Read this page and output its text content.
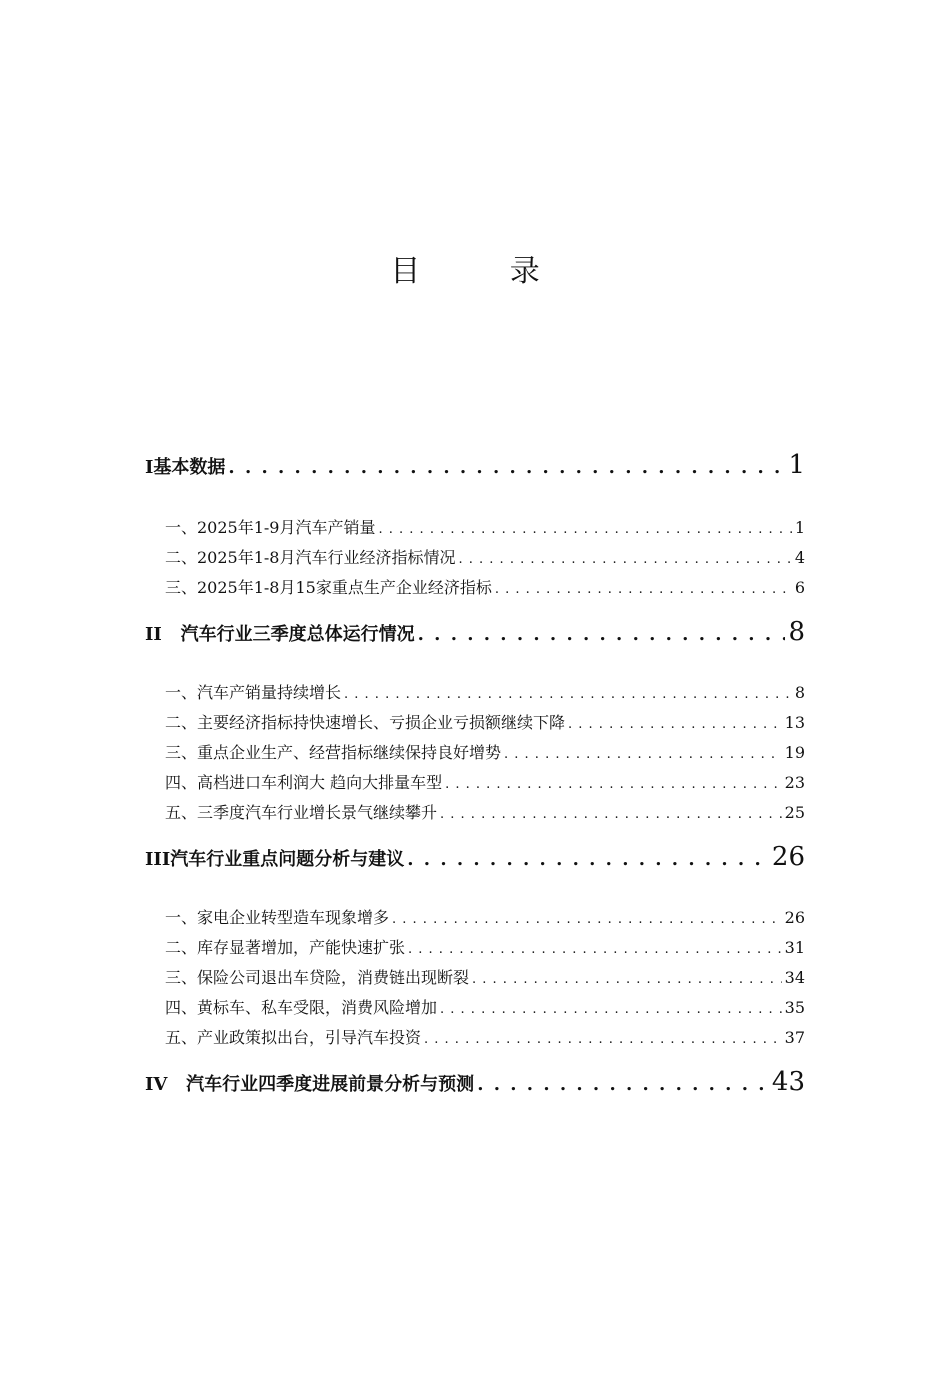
目 录
I基本数据 . . .	1
一、2025年1-9月汽车产销量 . . .	1
二、2025年1-8月汽车行业经济指标情况 . . .	4
三、2025年1-8月15家重点生产企业经济指标 . . .	6
II   汽车行业三季度总体运行情况 . . .	8
一、汽车产销量持续增长 . . .	8
二、主要经济指标持快速增长、亏损企业亏损额继续下降 . . .	13
三、重点企业生产、经营指标继续保持良好增势 . . .	19
四、高档进口车利润大 趋向大排量车型 . . .	23
五、三季度汽车行业增长景气继续攀升 . . .	25
III汽车行业重点问题分析与建议 . . .	26
一、家电企业转型造车现象增多 . . .	26
二、库存显著增加，产能快速扩张 . . .	31
三、保险公司退出车贷险，消费链出现断裂 . . .	34
四、黄标车、私车受限，消费风险增加 . . .	35
五、产业政策拟出台，引导汽车投资 . . .	37
IV   汽车行业四季度进展前景分析与预测 . . .	43
